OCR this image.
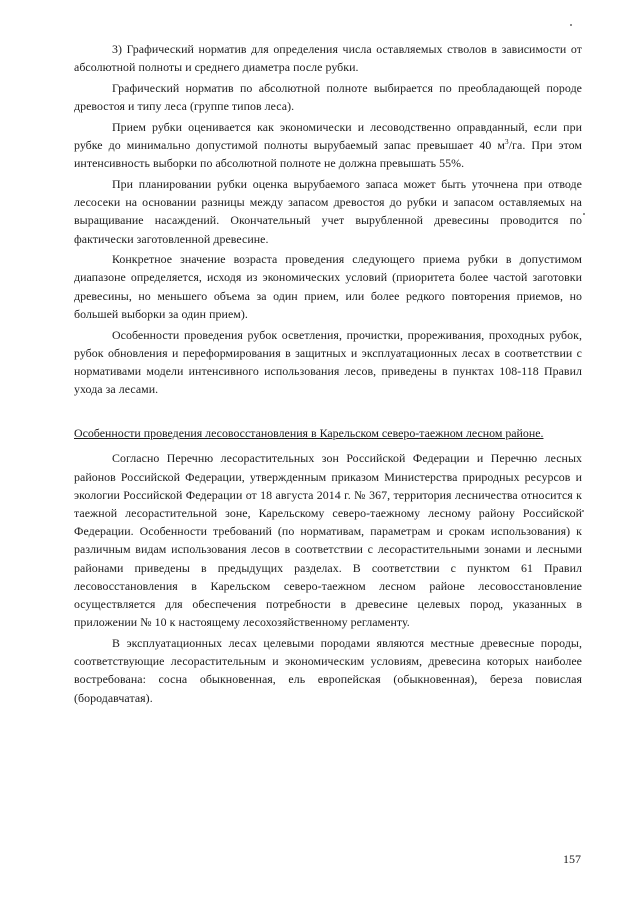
3) Графический норматив для определения числа оставляемых стволов в зависимости от абсолютной полноты и среднего диаметра после рубки.

Графический норматив по абсолютной полноте выбирается по преобладающей породе древостоя и типу леса (группе типов леса).

Прием рубки оценивается как экономически и лесоводственно оправданный, если при рубке до минимально допустимой полноты вырубаемый запас превышает 40 $м^3/га$. При этом интенсивность выборки по абсолютной полноте не должна превышать 55%.

При планировании рубки оценка вырубаемого запаса может быть уточнена при отводе лесосеки на основании разницы между запасом древостоя до рубки и запасом оставляемых на выращивание насаждений. Окончательный учет вырубленной древесины проводится по фактически заготовленной древесине.

Конкретное значение возраста проведения следующего приема рубки в допустимом диапазоне определяется, исходя из экономических условий (приоритета более частой заготовки древесины, но меньшего объема за один прием, или более редкого повторения приемов, но большей выборки за один прием).

Особенности проведения рубок осветления, прочистки, прореживания, проходных рубок, рубок обновления и переформирования в защитных и эксплуатационных лесах в соответствии с нормативами модели интенсивного использования лесов, приведены в пунктах 108-118 Правил ухода за лесами.

Особенности проведения лесовосстановления в Карельском северо-таежном лесном районе.

Согласно Перечню лесорастительных зон Российской Федерации и Перечню лесных районов Российской Федерации, утвержденным приказом Министерства природных ресурсов и экологии Российской Федерации от 18 августа 2014 г. № 367, территория лесничества относится к таежной лесорастительной зоне, Карельскому северо-таежному лесному району Российской Федерации. Особенности требований (по нормативам, параметрам и срокам использования) к различным видам использования лесов в соответствии с лесорастительными зонами и лесными районами приведены в предыдущих разделах. В соответствии с пунктом 61 Правил лесовосстановления в Карельском северо-таежном лесном районе лесовосстановление осуществляется для обеспечения потребности в древесине целевых пород, указанных в приложении № 10 к настоящему лесохозяйственному регламенту.

В эксплуатационных лесах целевыми породами являются местные древесные породы, соответствующие лесорастительным и экономическим условиям, древесина которых наиболее востребована: сосна обыкновенная, ель европейская (обыкновенная), береза повислая (бородавчатая).

157
